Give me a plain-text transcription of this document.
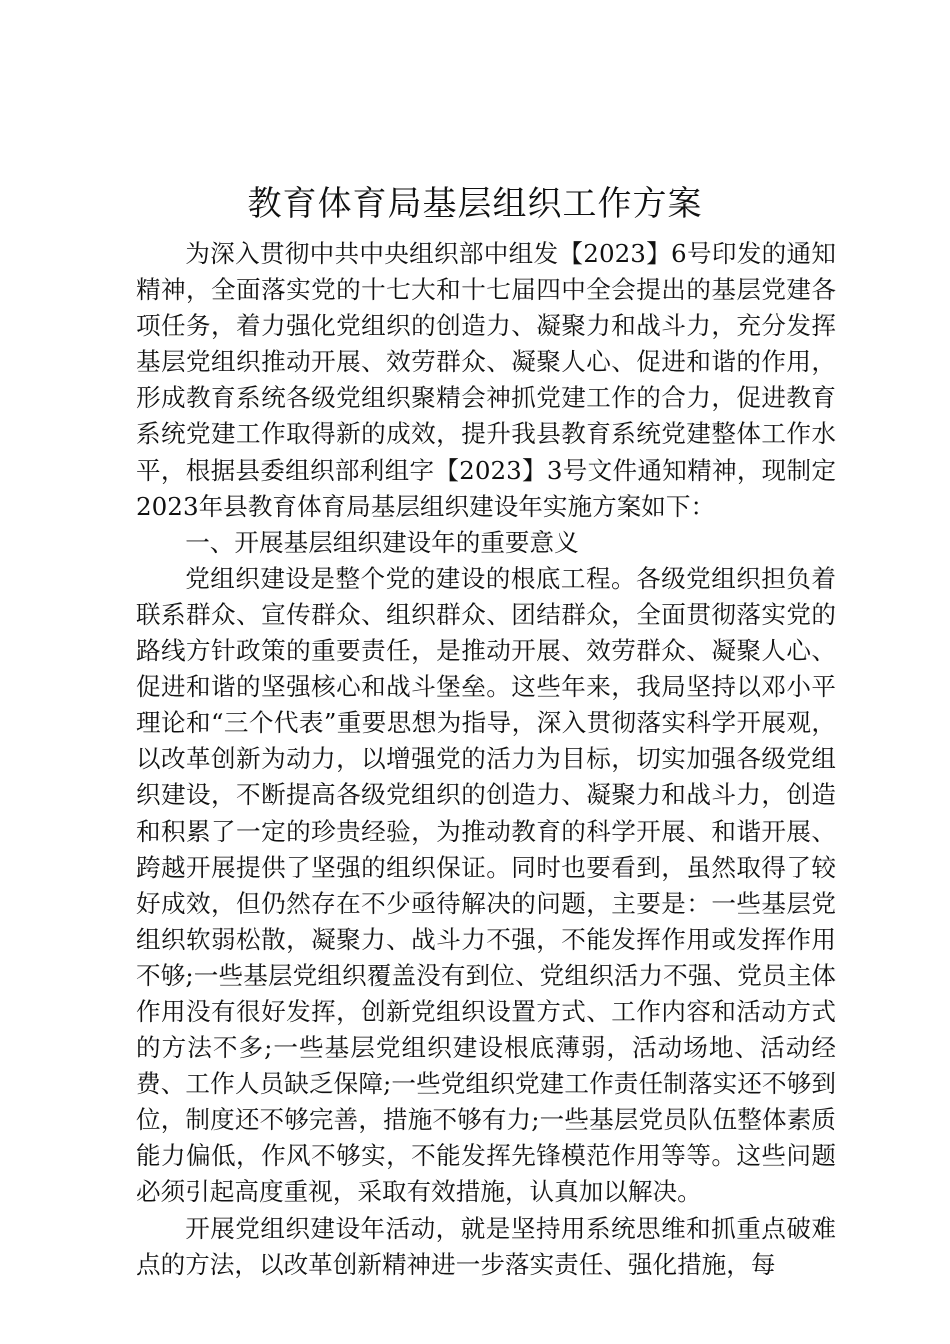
教育体育局基层组织工作方案

为深入贯彻中共中央组织部中组发【2023】6号印发的通知精神，全面落实党的十七大和十七届四中全会提出的基层党建各项任务，着力强化党组织的创造力、凝聚力和战斗力，充分发挥基层党组织推动开展、效劳群众、凝聚人心、促进和谐的作用，形成教育系统各级党组织聚精会神抓党建工作的合力，促进教育系统党建工作取得新的成效，提升我县教育系统党建整体工作水平，根据县委组织部利组字【2023】3号文件通知精神，现制定2023年县教育体育局基层组织建设年实施方案如下：

一、开展基层组织建设年的重要意义

党组织建设是整个党的建设的根底工程。各级党组织担负着联系群众、宣传群众、组织群众、团结群众，全面贯彻落实党的路线方针政策的重要责任，是推动开展、效劳群众、凝聚人心、促进和谐的坚强核心和战斗堡垒。这些年来，我局坚持以邓小平理论和“三个代表”重要思想为指导，深入贯彻落实科学开展观，以改革创新为动力，以增强党的活力为目标，切实加强各级党组织建设，不断提高各级党组织的创造力、凝聚力和战斗力，创造和积累了一定的珍贵经验，为推动教育的科学开展、和谐开展、跨越开展提供了坚强的组织保证。同时也要看到，虽然取得了较好成效，但仍然存在不少亟待解决的问题，主要是：一些基层党组织软弱松散，凝聚力、战斗力不强，不能发挥作用或发挥作用不够;一些基层党组织覆盖没有到位、党组织活力不强、党员主体作用没有很好发挥，创新党组织设置方式、工作内容和活动方式的方法不多;一些基层党组织建设根底薄弱，活动场地、活动经费、工作人员缺乏保障;一些党组织党建工作责任制落实还不够到位，制度还不够完善，措施不够有力;一些基层党员队伍整体素质能力偏低，作风不够实，不能发挥先锋模范作用等等。这些问题必须引起高度重视，采取有效措施，认真加以解决。

开展党组织建设年活动，就是坚持用系统思维和抓重点破难点的方法，以改革创新精神进一步落实责任、强化措施，每
